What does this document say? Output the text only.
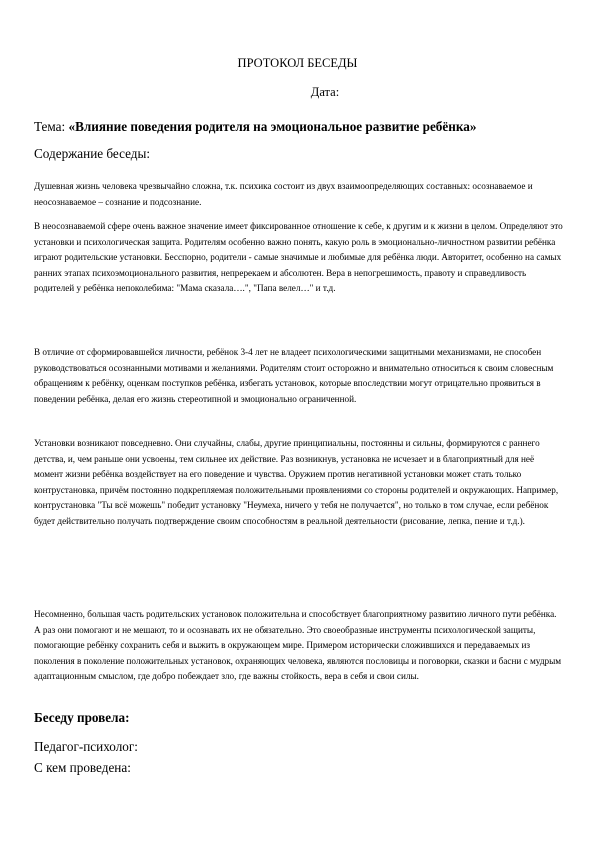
ПРОТОКОЛ БЕСЕДЫ
Дата:
Тема: «Влияние поведения родителя на эмоциональное развитие ребёнка»
Содержание беседы:
Душевная жизнь человека чрезвычайно сложна, т.к. психика состоит из двух взаимоопределяющих составных: осознаваемое и неосознаваемое – сознание и подсознание.
В неосознаваемой сфере очень важное значение имеет фиксированное отношение к себе, к другим и к жизни в целом. Определяют это установки и психологическая защита. Родителям особенно важно понять, какую роль в эмоционально-личностном развитии ребёнка играют родительские установки. Бесспорно, родители - самые значимые и любимые для ребёнка люди. Авторитет, особенно на самых ранних этапах психоэмоционального развития, непререкаем и абсолютен. Вера в непогрешимость, правоту и справедливость родителей у ребёнка непоколебима: "Мама сказала….", "Папа велел…" и т.д.
В отличие от сформировавшейся личности, ребёнок 3-4 лет не владеет психологическими защитными механизмами, не способен руководствоваться осознанными мотивами и желаниями. Родителям стоит осторожно и внимательно относиться к своим словесным обращениям к ребёнку, оценкам поступков ребёнка, избегать установок, которые впоследствии могут отрицательно проявиться в поведении ребёнка, делая его жизнь стереотипной и эмоционально ограниченной.
Установки возникают повседневно. Они случайны, слабы, другие принципиальны, постоянны и сильны, формируются с раннего детства, и, чем раньше они усвоены, тем сильнее их действие. Раз возникнув, установка не исчезает и в благоприятный для неё момент жизни ребёнка воздействует на его поведение и чувства. Оружием против негативной установки может стать только контрустановка, причём постоянно подкрепляемая положительными проявлениями со стороны родителей и окружающих. Например, контрустановка "Ты всё можешь" победит установку "Неумеха, ничего у тебя не получается", но только в том случае, если ребёнок будет действительно получать подтверждение своим способностям в реальной деятельности (рисование, лепка, пение и т.д.).
Несомненно, большая часть родительских установок положительна и способствует благоприятному развитию личного пути ребёнка. А раз они помогают и не мешают, то и осознавать их не обязательно. Это своеобразные инструменты психологической защиты, помогающие ребёнку сохранить себя и выжить в окружающем мире. Примером исторически сложившихся и передаваемых из поколения в поколение положительных установок, охраняющих человека, являются пословицы и поговорки, сказки и басни с мудрым адаптационным смыслом, где добро побеждает зло, где важны стойкость, вера в себя и свои силы.
Беседу провела:
Педагог-психолог:
С кем проведена:
